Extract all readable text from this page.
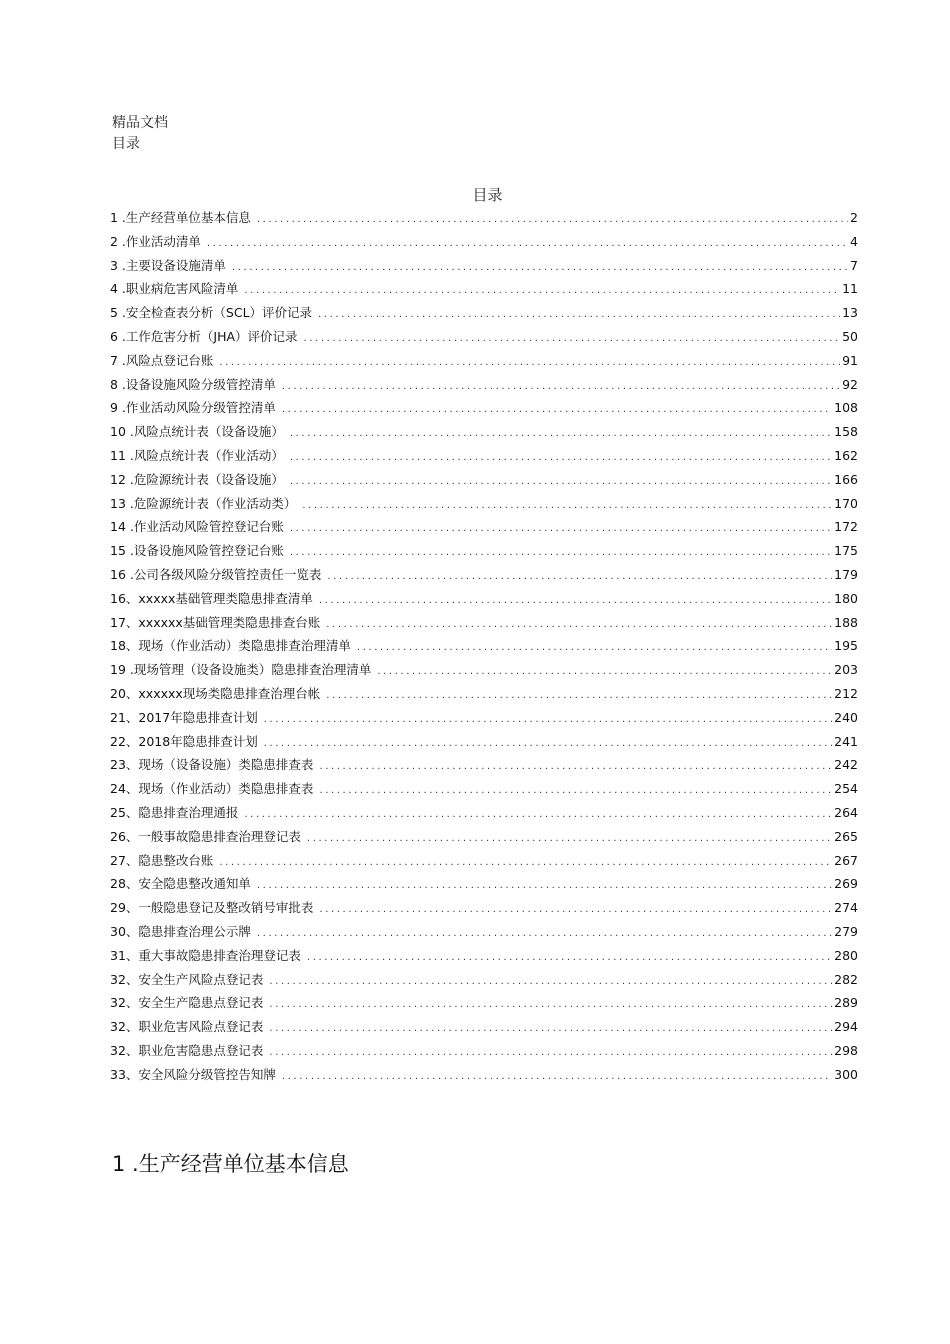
精品文档
目录
目录
1 .生产经营单位基本信息 .....	2
2 .作业活动清单 .....	4
3 .主要设备设施清单 .....	7
4 .职业病危害风险清单 .....	11
5 .安全检查表分析（SCL）评价记录 .....	13
6 .工作危害分析（JHA）评价记录 .....	50
7 .风险点登记台账 .....	91
8 .设备设施风险分级管控清单 .....	92
9 .作业活动风险分级管控清单 .....	108
10 .风险点统计表（设备设施） .....	158
11 .风险点统计表（作业活动） .....	162
12 .危险源统计表（设备设施） .....	166
13 .危险源统计表（作业活动类） .....	170
14 .作业活动风险管控登记台账 .....	172
15 .设备设施风险管控登记台账 .....	175
16 .公司各级风险分级管控责任一览表 .....	179
16、xxxxx基础管理类隐患排查清单 .....	180
17、xxxxxx基础管理类隐患排查台账 .....	188
18、现场（作业活动）类隐患排查治理清单 .....	195
19 .现场管理（设备设施类）隐患排查治理清单 .....	203
20、xxxxxx现场类隐患排查治理台帐 .....	212
21、2017年隐患排查计划 .....	240
22、2018年隐患排查计划 .....	241
23、现场（设备设施）类隐患排查表 .....	242
24、现场（作业活动）类隐患排查表 .....	254
25、隐患排查治理通报 .....	264
26、一般事故隐患排查治理登记表 .....	265
27、隐患整改台账 .....	267
28、安全隐患整改通知单 .....	269
29、一般隐患登记及整改销号审批表 .....	274
30、隐患排查治理公示牌 .....	279
31、重大事故隐患排查治理登记表 .....	280
32、安全生产风险点登记表 .....	282
32、安全生产隐患点登记表 .....	289
32、职业危害风险点登记表 .....	294
32、职业危害隐患点登记表 .....	298
33、安全风险分级管控告知牌 .....	300
1 .生产经营单位基本信息
